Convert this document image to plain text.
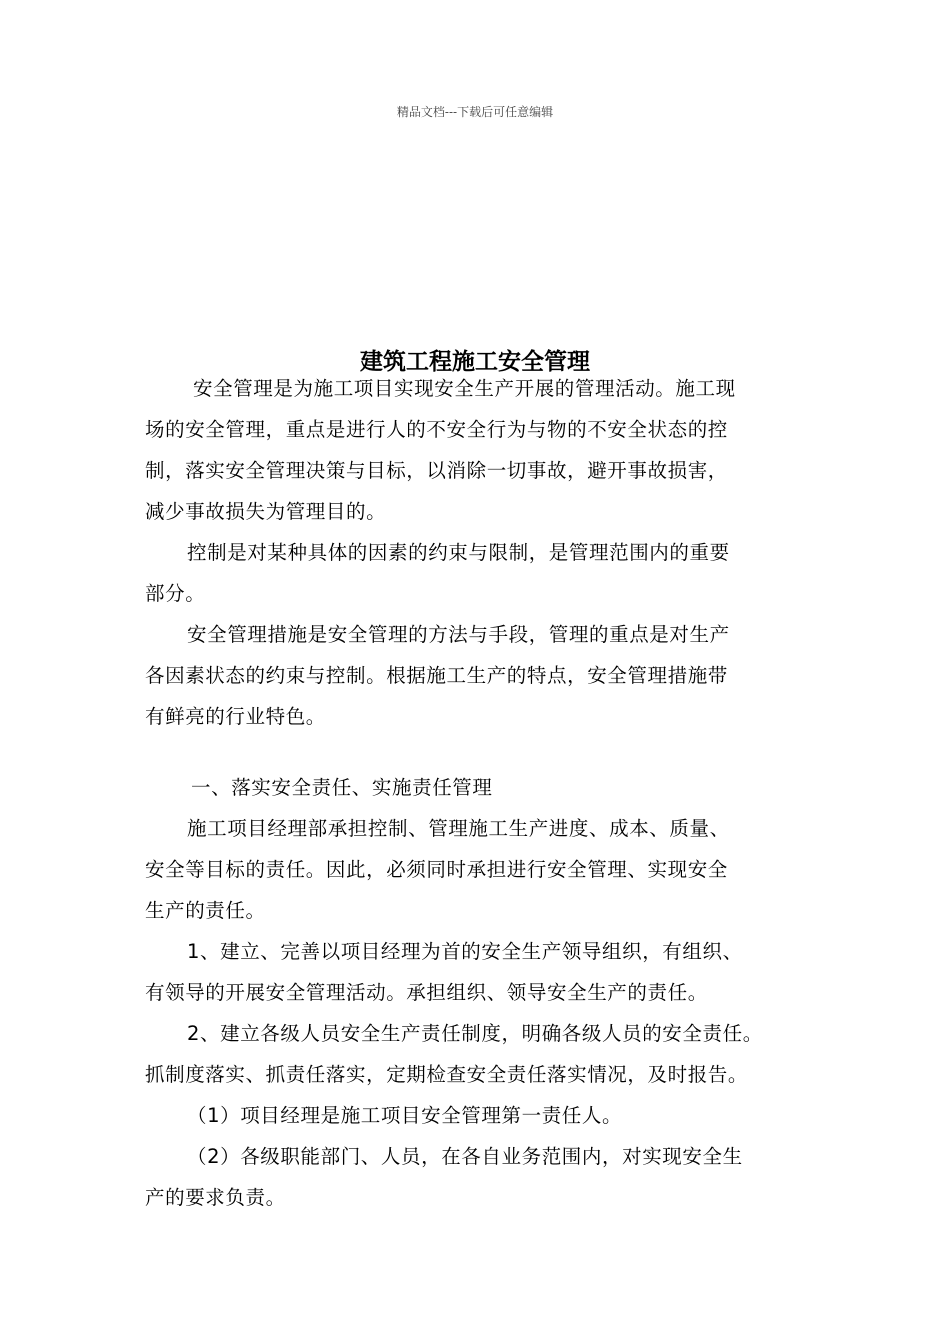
精品文档---下载后可任意编辑
建筑工程施工安全管理

安全管理是为施工项目实现安全生产开展的管理活动。施工现

场的安全管理，重点是进行人的不安全行为与物的不安全状态的控

制，落实安全管理决策与目标，以消除一切事故，避开事故损害，

减少事故损失为管理目的。

控制是对某种具体的因素的约束与限制，是管理范围内的重要

部分。

安全管理措施是安全管理的方法与手段，管理的重点是对生产

各因素状态的约束与控制。根据施工生产的特点，安全管理措施带

有鲜亮的行业特色。

一、落实安全责任、实施责任管理

施工项目经理部承担控制、管理施工生产进度、成本、质量、

安全等目标的责任。因此，必须同时承担进行安全管理、实现安全

生产的责任。

1、建立、完善以项目经理为首的安全生产领导组织，有组织、

有领导的开展安全管理活动。承担组织、领导安全生产的责任。

2、建立各级人员安全生产责任制度，明确各级人员的安全责任。

抓制度落实、抓责任落实，定期检查安全责任落实情况，及时报告。

（1）项目经理是施工项目安全管理第一责任人。

（2）各级职能部门、人员，在各自业务范围内，对实现安全生

产的要求负责。
